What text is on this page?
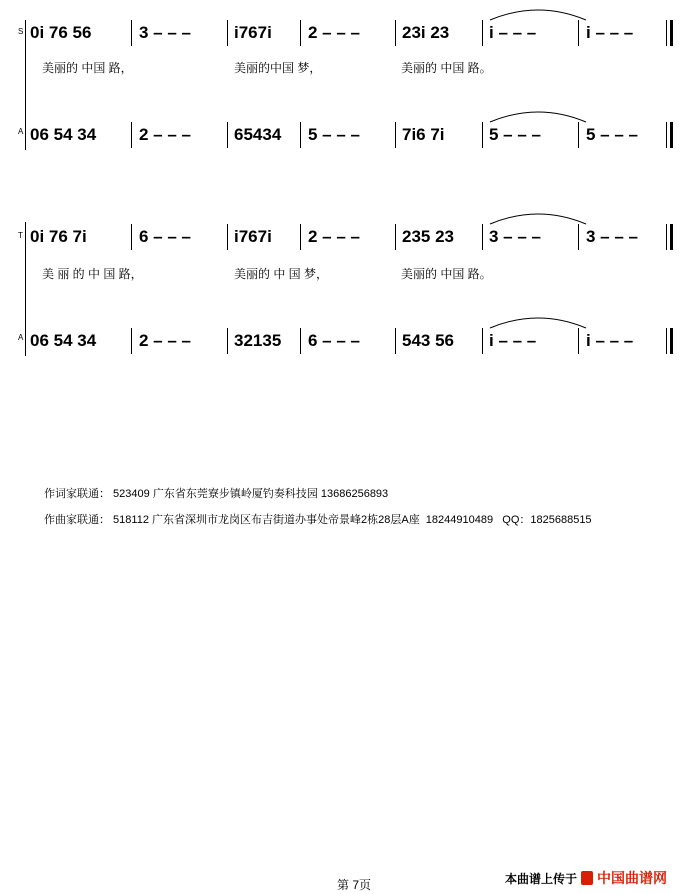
S 0i 76 56	3 – – –	i767i 2 – – – 23i 23 i – – –	i – – –
美丽的 中国 路，	美丽的中国 梦，	美丽的 中国 路。
A 06 54 34	2 – – –	65434 5 – – – 7i6 7i	5 – – –	5 – – –
T 0i 76 7i	6 – – –	i767i 2 – – – 235 23 3 – – –	3 – – –
美 丽 的 中 国 路，	美丽的 中 国 梦，	美丽的 中国 路。
A 06 54 34	2 – – –	32135 6 – – – 543 56 i – – –	i – – –
作词家联通： 523409 广东省东莞寮步镇岭厦钓奏科技园 13686256893
作曲家联通： 518112 广东省深圳市龙岗区布吉街道办事处帝景峰2栋28层A座  18244910489   QQ：1825688515
第 7页	本曲谱上传于 中国曲谱网
